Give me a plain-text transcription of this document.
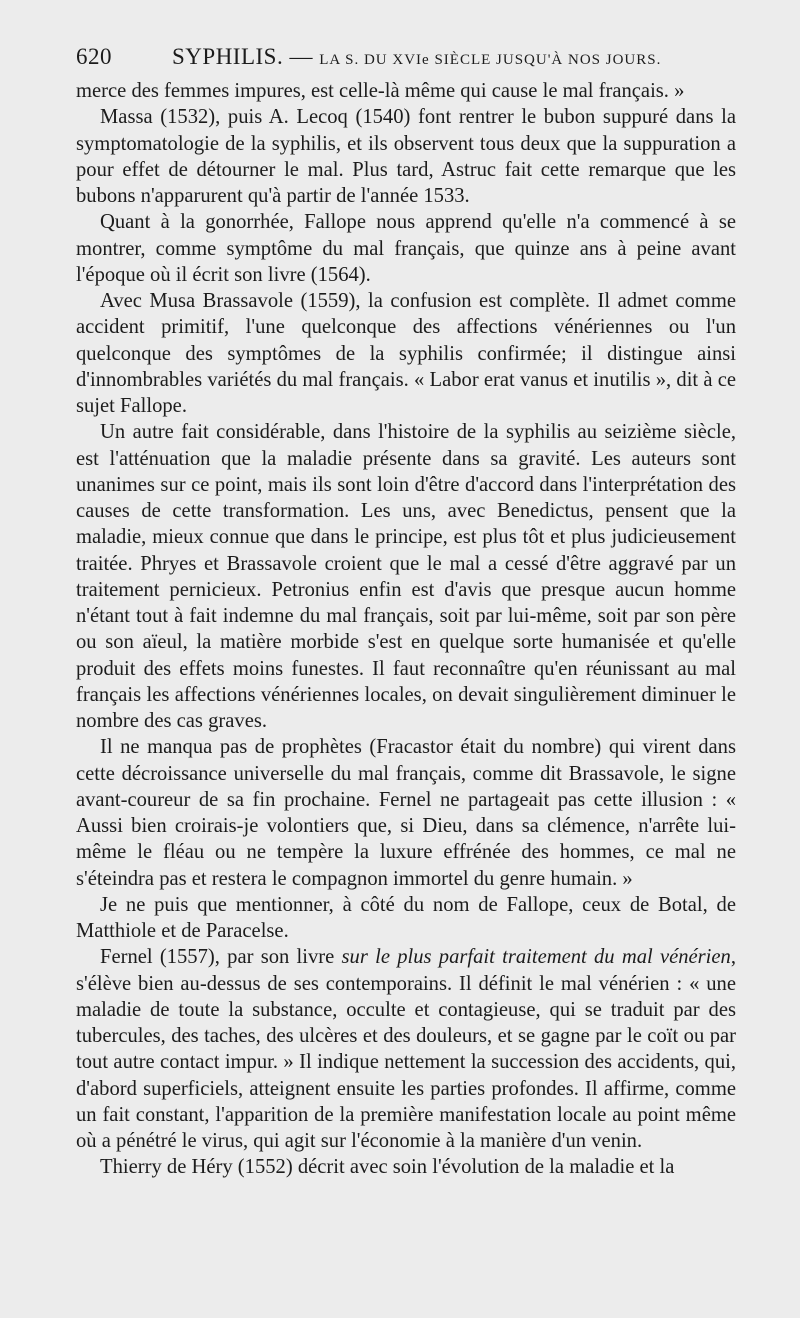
620	SYPHILIS. — LA S. DU XVIe SIÈCLE JUSQU'À NOS JOURS.

merce des femmes impures, est celle-là même qui cause le mal français. »

Massa (1532), puis A. Lecoq (1540) font rentrer le bubon suppuré dans la symptomatologie de la syphilis, et ils observent tous deux que la suppuration a pour effet de détourner le mal. Plus tard, Astruc fait cette remarque que les bubons n'apparurent qu'à partir de l'année 1533.

Quant à la gonorrhée, Fallope nous apprend qu'elle n'a commencé à se montrer, comme symptôme du mal français, que quinze ans à peine avant l'époque où il écrit son livre (1564).

Avec Musa Brassavole (1559), la confusion est complète. Il admet comme accident primitif, l'une quelconque des affections vénériennes ou l'un quelconque des symptômes de la syphilis confirmée; il distingue ainsi d'innombrables variétés du mal français. « Labor erat vanus et inutilis », dit à ce sujet Fallope.

Un autre fait considérable, dans l'histoire de la syphilis au seizième siècle, est l'atténuation que la maladie présente dans sa gravité. Les auteurs sont unanimes sur ce point, mais ils sont loin d'être d'accord dans l'interprétation des causes de cette transformation. Les uns, avec Benedictus, pensent que la maladie, mieux connue que dans le principe, est plus tôt et plus judicieusement traitée. Phryes et Brassavole croient que le mal a cessé d'être aggravé par un traitement pernicieux. Petronius enfin est d'avis que presque aucun homme n'étant tout à fait indemne du mal français, soit par lui-même, soit par son père ou son aïeul, la matière morbide s'est en quelque sorte humanisée et qu'elle produit des effets moins funestes. Il faut reconnaître qu'en réunissant au mal français les affections vénériennes locales, on devait singulièrement diminuer le nombre des cas graves.

Il ne manqua pas de prophètes (Fracastor était du nombre) qui virent dans cette décroissance universelle du mal français, comme dit Brassavole, le signe avant-coureur de sa fin prochaine. Fernel ne partageait pas cette illusion : « Aussi bien croirais-je volontiers que, si Dieu, dans sa clémence, n'arrête lui-même le fléau ou ne tempère la luxure effrénée des hommes, ce mal ne s'éteindra pas et restera le compagnon immortel du genre humain. »

Je ne puis que mentionner, à côté du nom de Fallope, ceux de Botal, de Matthiole et de Paracelse.

Fernel (1557), par son livre sur le plus parfait traitement du mal vénérien, s'élève bien au-dessus de ses contemporains. Il définit le mal vénérien : « une maladie de toute la substance, occulte et contagieuse, qui se traduit par des tubercules, des taches, des ulcères et des douleurs, et se gagne par le coït ou par tout autre contact impur. » Il indique nettement la succession des accidents, qui, d'abord superficiels, atteignent ensuite les parties profondes. Il affirme, comme un fait constant, l'apparition de la première manifestation locale au point même où a pénétré le virus, qui agit sur l'économie à la manière d'un venin.

Thierry de Héry (1552) décrit avec soin l'évolution de la maladie et la
